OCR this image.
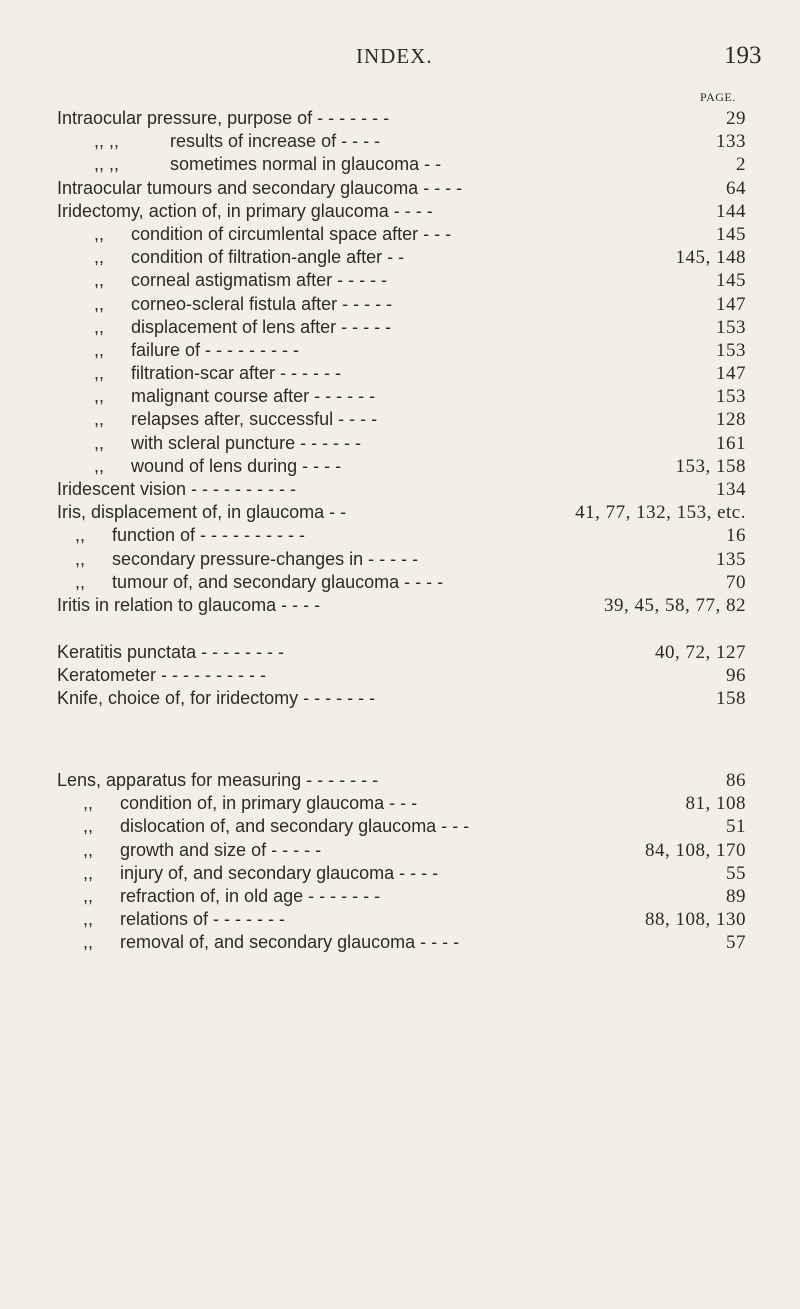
INDEX.	193
PAGE.
Intraocular pressure, purpose of - - - - - - -	29
,, ,,	results of increase of - - - -	133
,, ,,	sometimes normal in glaucoma - -	2
Intraocular tumours and secondary glaucoma - - - -	64
Iridectomy, action of, in primary glaucoma - - - -	144
,, condition of circumlental space after - - -	145
,, condition of filtration-angle after - -	145, 148
,, corneal astigmatism after - - - - -	145
,, corneo-scleral fistula after - - - - -	147
,, displacement of lens after - - - - -	153
,, failure of - - - - - - - - -	153
,, filtration-scar after - - - - - -	147
,, malignant course after - - - - - -	153
,, relapses after, successful - - - -	128
,, with scleral puncture - - - - - -	161
,, wound of lens during - - - -	153, 158
Iridescent vision - - - - - - - - - -	134
Iris, displacement of, in glaucoma - -	41, 77, 132, 153, etc.
,, function of - - - - - - - - - -	16
,, secondary pressure-changes in - - - - -	135
,, tumour of, and secondary glaucoma - - - -	70
Iritis in relation to glaucoma - - - -	39, 45, 58, 77, 82
Keratitis punctata - - - - - - - -	40, 72, 127
Keratometer - - - - - - - - - -	96
Knife, choice of, for iridectomy - - - - - - -	158
Lens, apparatus for measuring - - - - - - -	86
,, condition of, in primary glaucoma - - -	81, 108
,, dislocation of, and secondary glaucoma - - -	51
,, growth and size of - - - - -	84, 108, 170
,, injury of, and secondary glaucoma - - - -	55
,, refraction of, in old age - - - - - - -	89
,, relations of - - - - - - -	88, 108, 130
,, removal of, and secondary glaucoma - - - -	57
